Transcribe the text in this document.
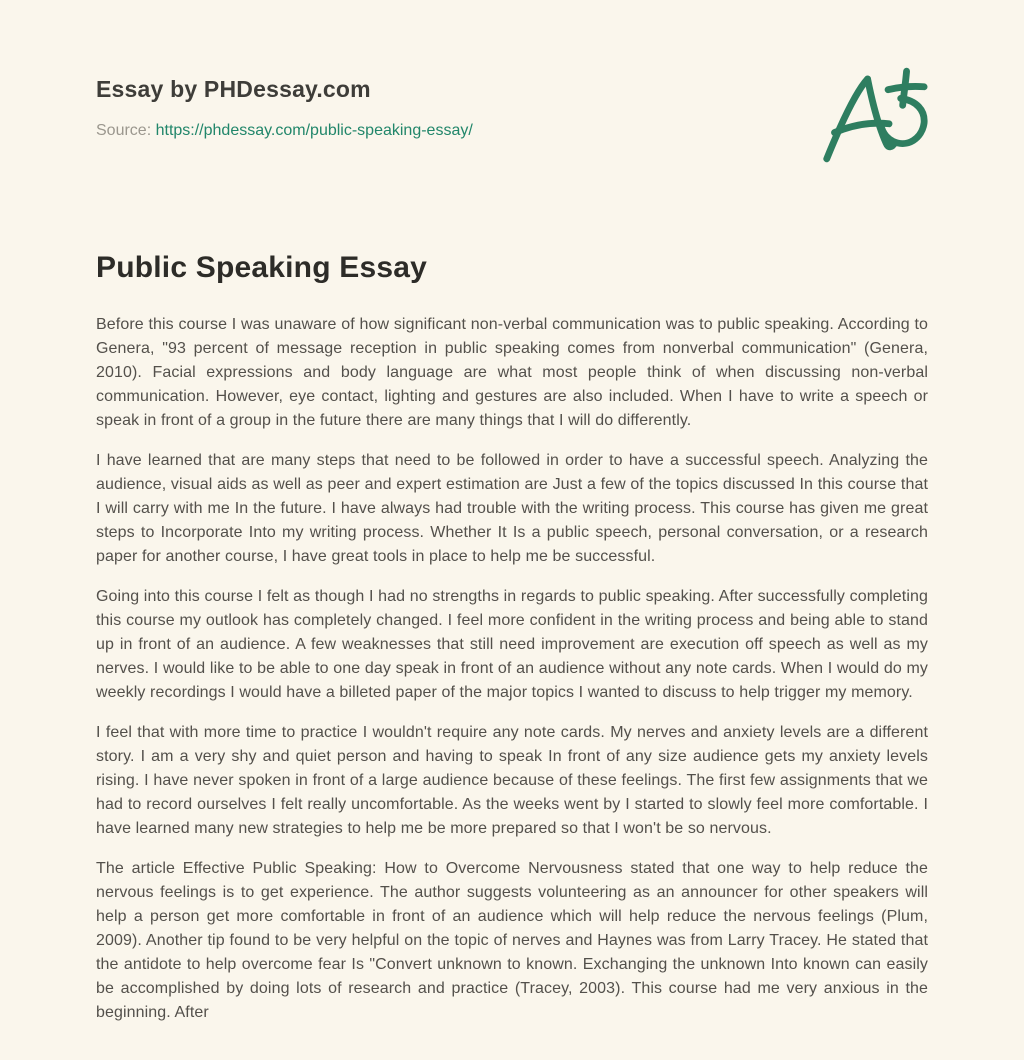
Essay by PHDessay.com
Source: https://phdessay.com/public-speaking-essay/
Public Speaking Essay

Before this course I was unaware of how significant non-verbal communication was to public speaking. According to Genera, "93 percent of message reception in public speaking comes from nonverbal communication" (Genera, 2010). Facial expressions and body language are what most people think of when discussing non-verbal communication. However, eye contact, lighting and gestures are also included. When I have to write a speech or speak in front of a group in the future there are many things that I will do differently.

I have learned that are many steps that need to be followed in order to have a successful speech. Analyzing the audience, visual aids as well as peer and expert estimation are Just a few of the topics discussed In this course that I will carry with me In the future. I have always had trouble with the writing process. This course has given me great steps to Incorporate Into my writing process. Whether It Is a public speech, personal conversation, or a research paper for another course, I have great tools in place to help me be successful.

Going into this course I felt as though I had no strengths in regards to public speaking. After successfully completing this course my outlook has completely changed. I feel more confident in the writing process and being able to stand up in front of an audience. A few weaknesses that still need improvement are execution off speech as well as my nerves. I would like to be able to one day speak in front of an audience without any note cards. When I would do my weekly recordings I would have a billeted paper of the major topics I wanted to discuss to help trigger my memory.

I feel that with more time to practice I wouldn't require any note cards. My nerves and anxiety levels are a different story. I am a very shy and quiet person and having to speak In front of any size audience gets my anxiety levels rising. I have never spoken in front of a large audience because of these feelings. The first few assignments that we had to record ourselves I felt really uncomfortable. As the weeks went by I started to slowly feel more comfortable. I have learned many new strategies to help me be more prepared so that I won't be so nervous.

The article Effective Public Speaking: How to Overcome Nervousness stated that one way to help reduce the nervous feelings is to get experience. The author suggests volunteering as an announcer for other speakers will help a person get more comfortable in front of an audience which will help reduce the nervous feelings (Plum, 2009). Another tip found to be very helpful on the topic of nerves and Haynes was from Larry Tracey. He stated that the antidote to help overcome fear Is "Convert unknown to known. Exchanging the unknown Into known can easily be accomplished by doing lots of research and practice (Tracey, 2003). This course had me very anxious in the beginning. After
